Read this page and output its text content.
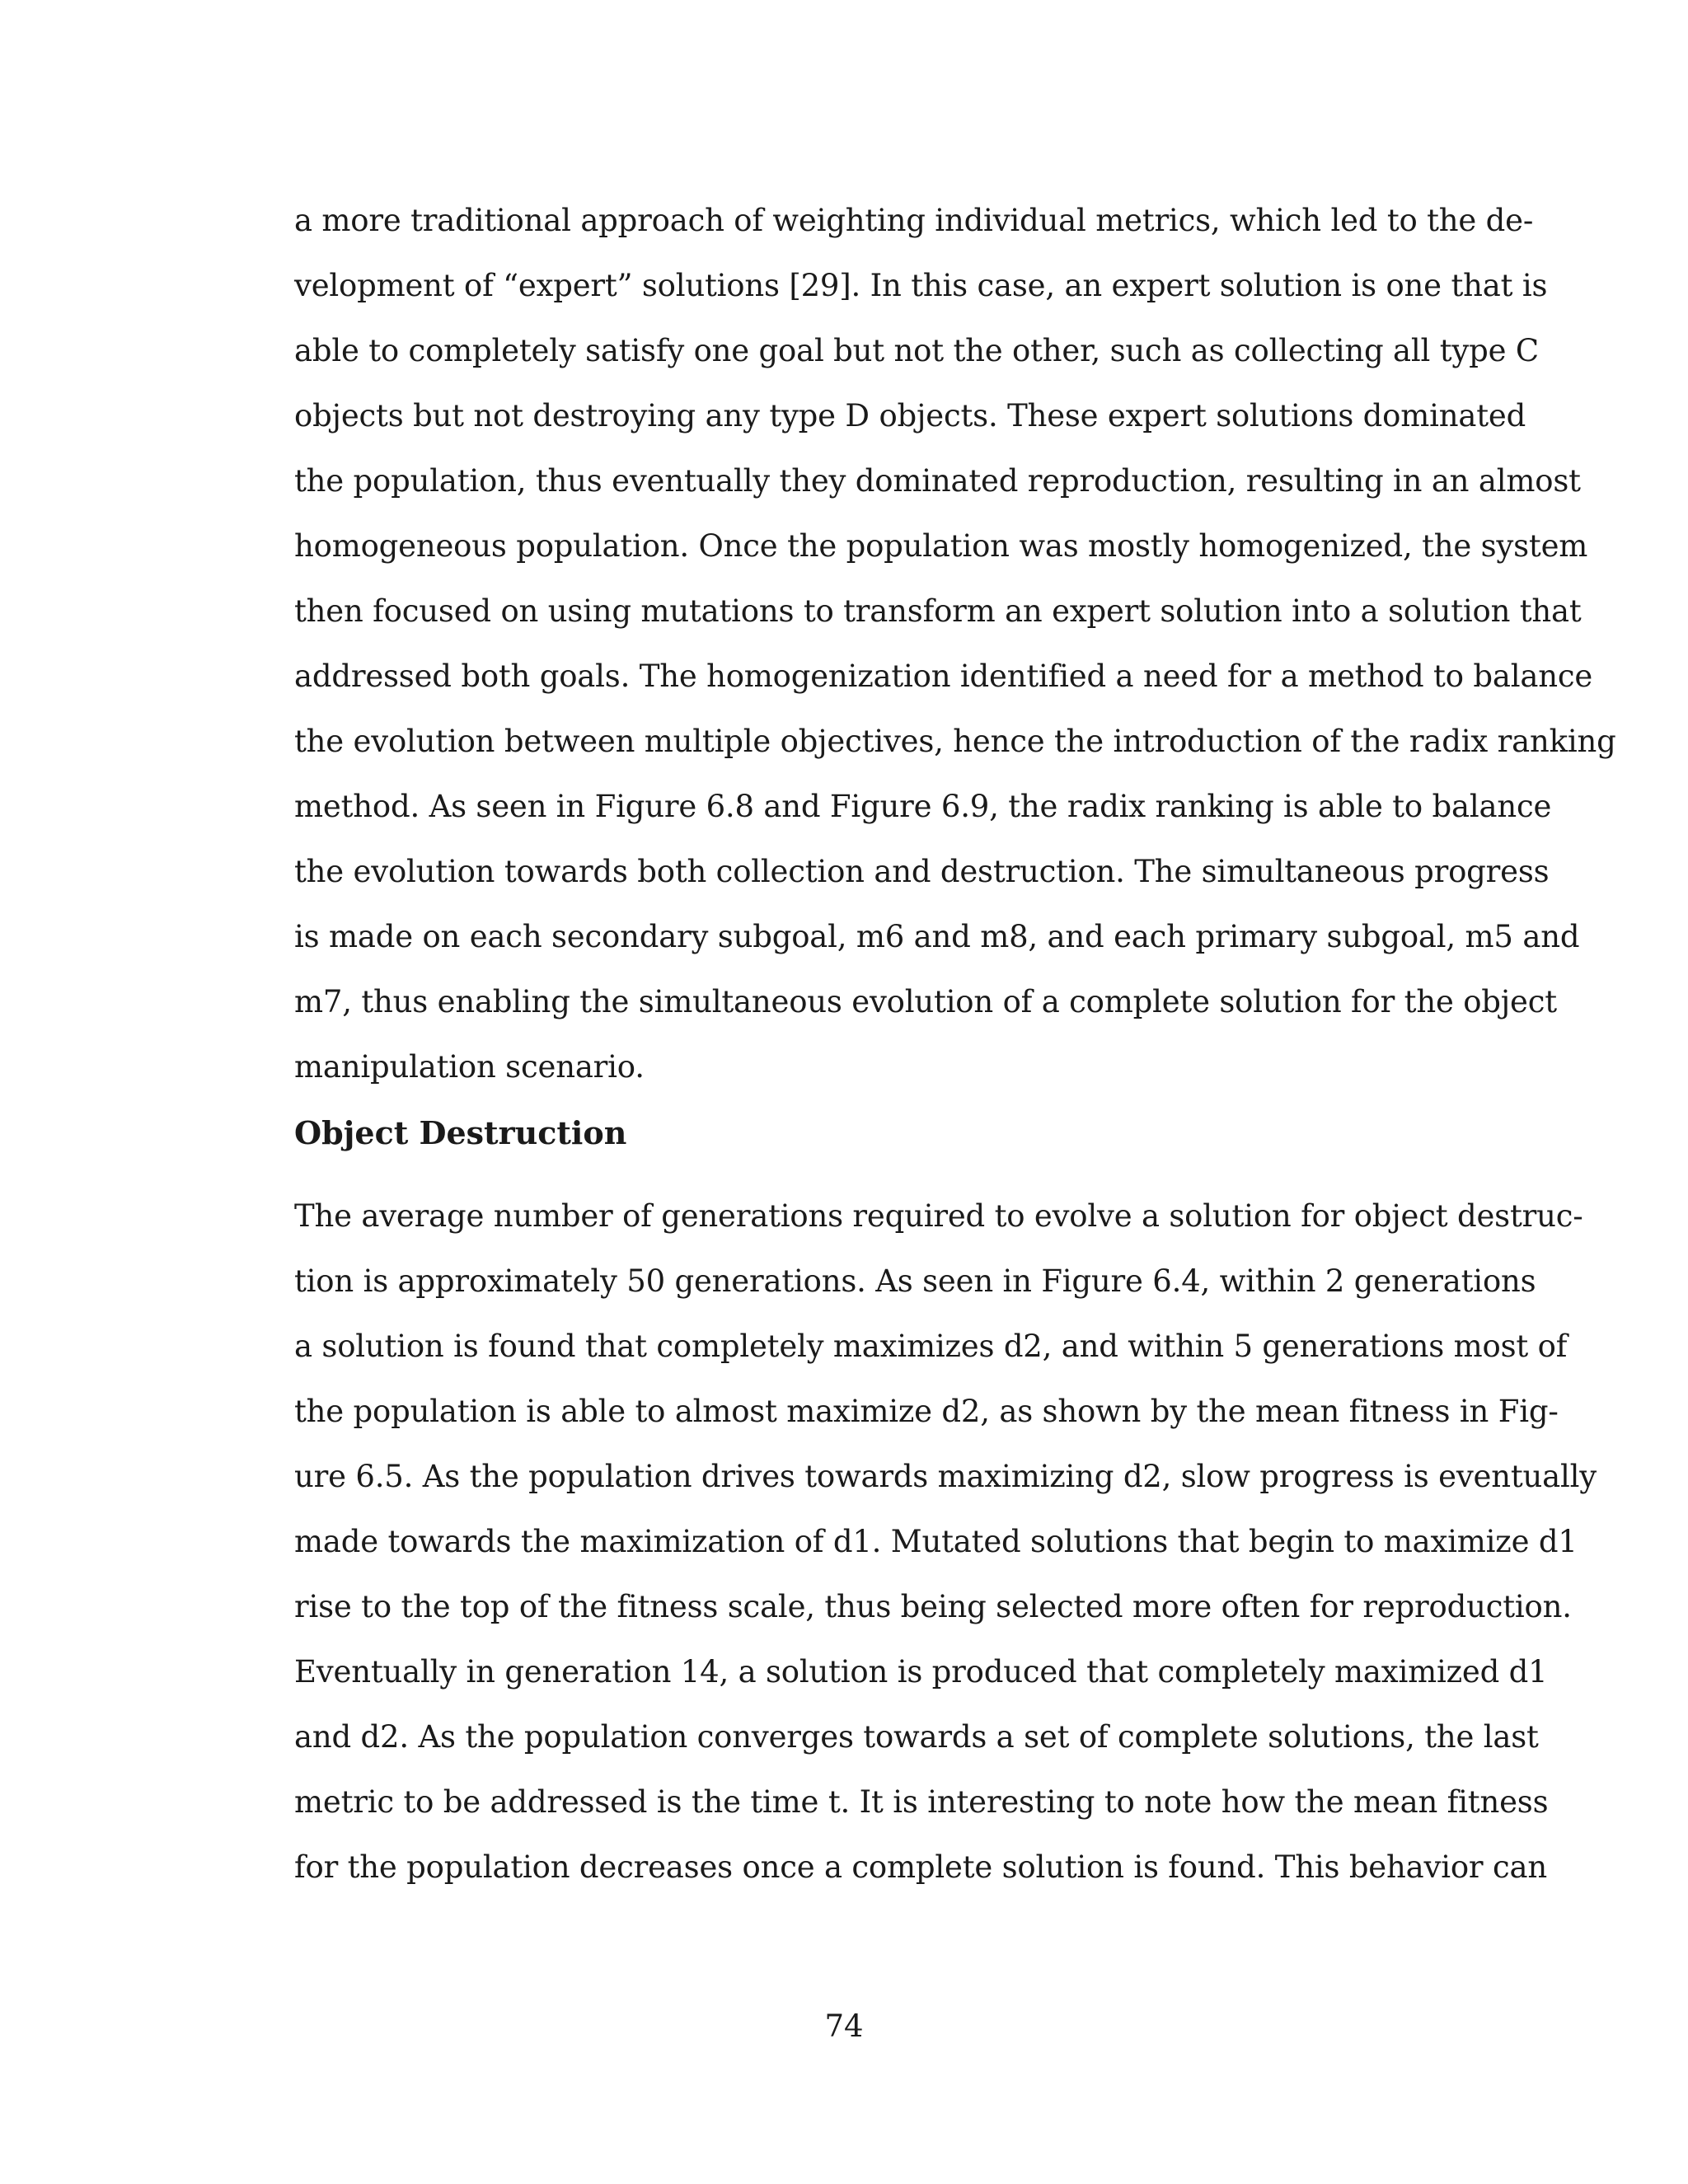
a more traditional approach of weighting individual metrics, which led to the de-

velopment of “expert” solutions [29]. In this case, an expert solution is one that is

able to completely satisfy one goal but not the other, such as collecting all type C

objects but not destroying any type D objects. These expert solutions dominated

the population, thus eventually they dominated reproduction, resulting in an almost

homogeneous population. Once the population was mostly homogenized, the system

then focused on using mutations to transform an expert solution into a solution that

addressed both goals. The homogenization identified a need for a method to balance

the evolution between multiple objectives, hence the introduction of the radix ranking

method. As seen in Figure 6.8 and Figure 6.9, the radix ranking is able to balance

the evolution towards both collection and destruction. The simultaneous progress

is made on each secondary subgoal, m6 and m8, and each primary subgoal, m5 and

m7, thus enabling the simultaneous evolution of a complete solution for the object

manipulation scenario.

Object Destruction

The average number of generations required to evolve a solution for object destruc-

tion is approximately 50 generations. As seen in Figure 6.4, within 2 generations

a solution is found that completely maximizes d2, and within 5 generations most of

the population is able to almost maximize d2, as shown by the mean fitness in Fig-

ure 6.5. As the population drives towards maximizing d2, slow progress is eventually

made towards the maximization of d1. Mutated solutions that begin to maximize d1

rise to the top of the fitness scale, thus being selected more often for reproduction.

Eventually in generation 14, a solution is produced that completely maximized d1

and d2. As the population converges towards a set of complete solutions, the last

metric to be addressed is the time t. It is interesting to note how the mean fitness

for the population decreases once a complete solution is found. This behavior can

74
